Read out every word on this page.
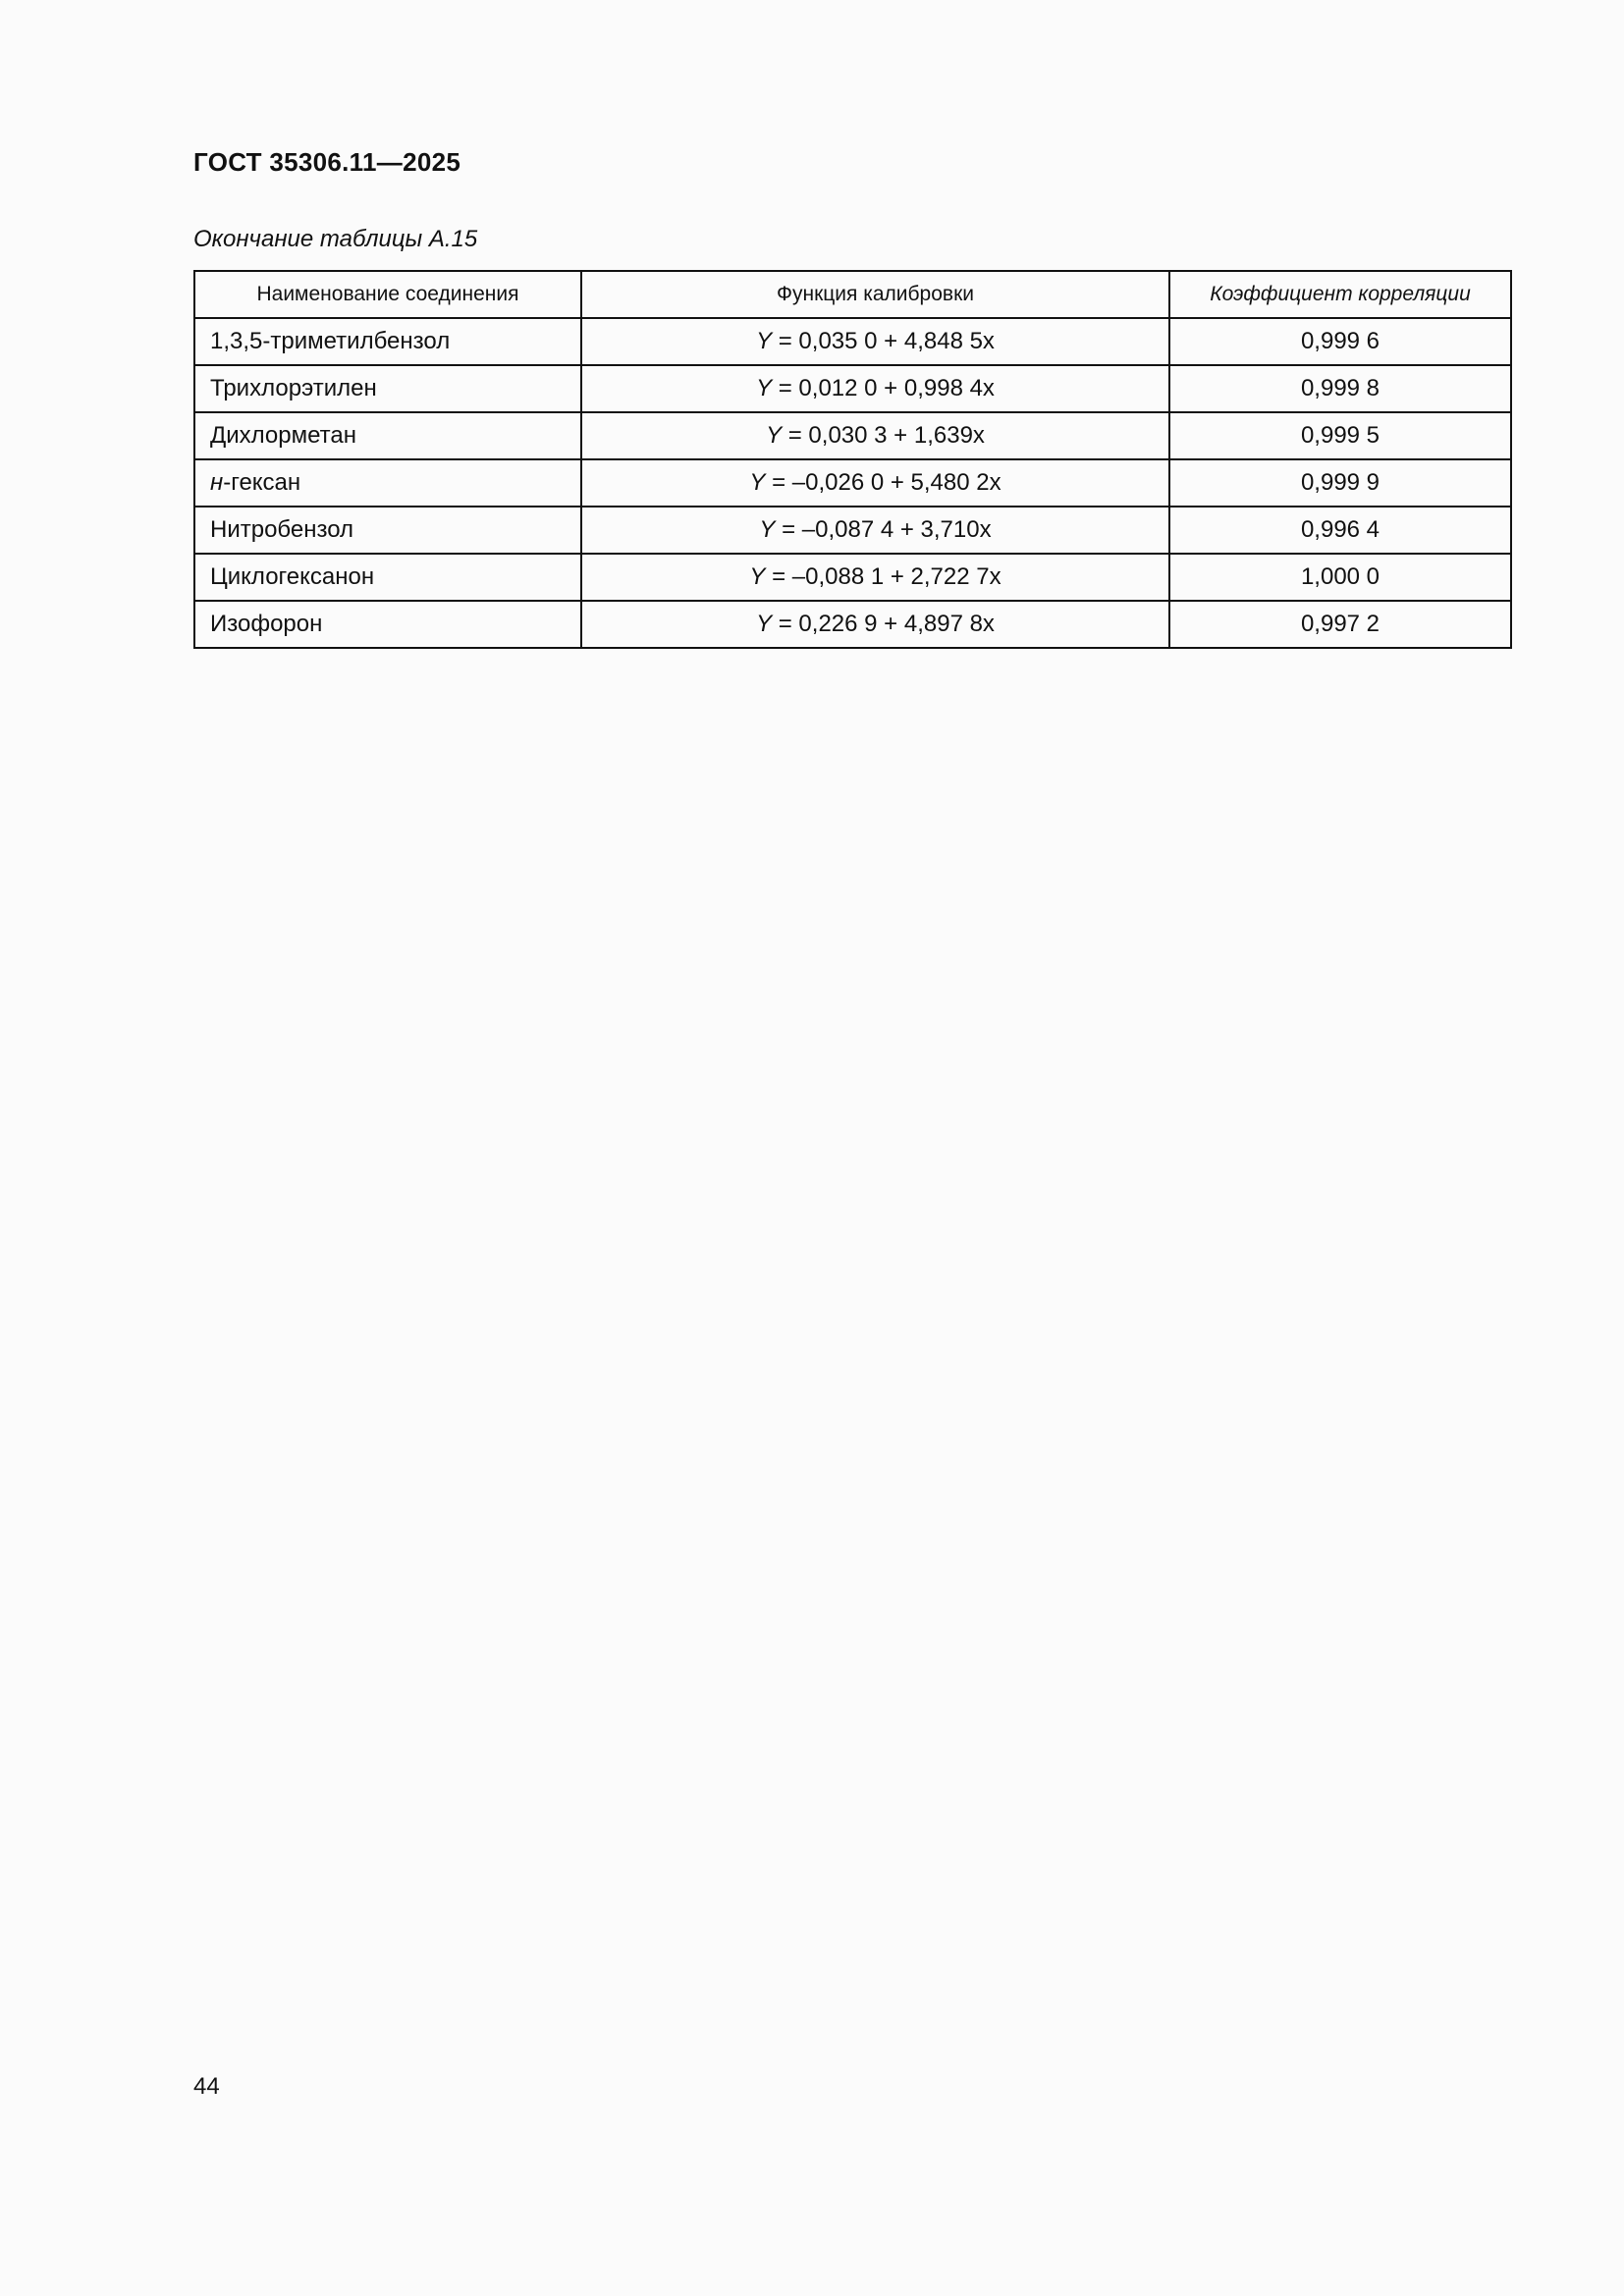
ГОСТ 35306.11—2025
Окончание таблицы А.15
Наименование соединения	Функция калибровки	Коэффициент корреляции
1,3,5-триметилбензол	Y = 0,035 0 + 4,848 5x	0,999 6
Трихлорэтилен	Y = 0,012 0 + 0,998 4x	0,999 8
Дихлорметан	Y = 0,030 3 + 1,639x	0,999 5
н-гексан	Y = –0,026 0 + 5,480 2x	0,999 9
Нитробензол	Y = –0,087 4 + 3,710x	0,996 4
Циклогексанон	Y = –0,088 1 + 2,722 7x	1,000 0
Изофорон	Y = 0,226 9 + 4,897 8x	0,997 2
44
